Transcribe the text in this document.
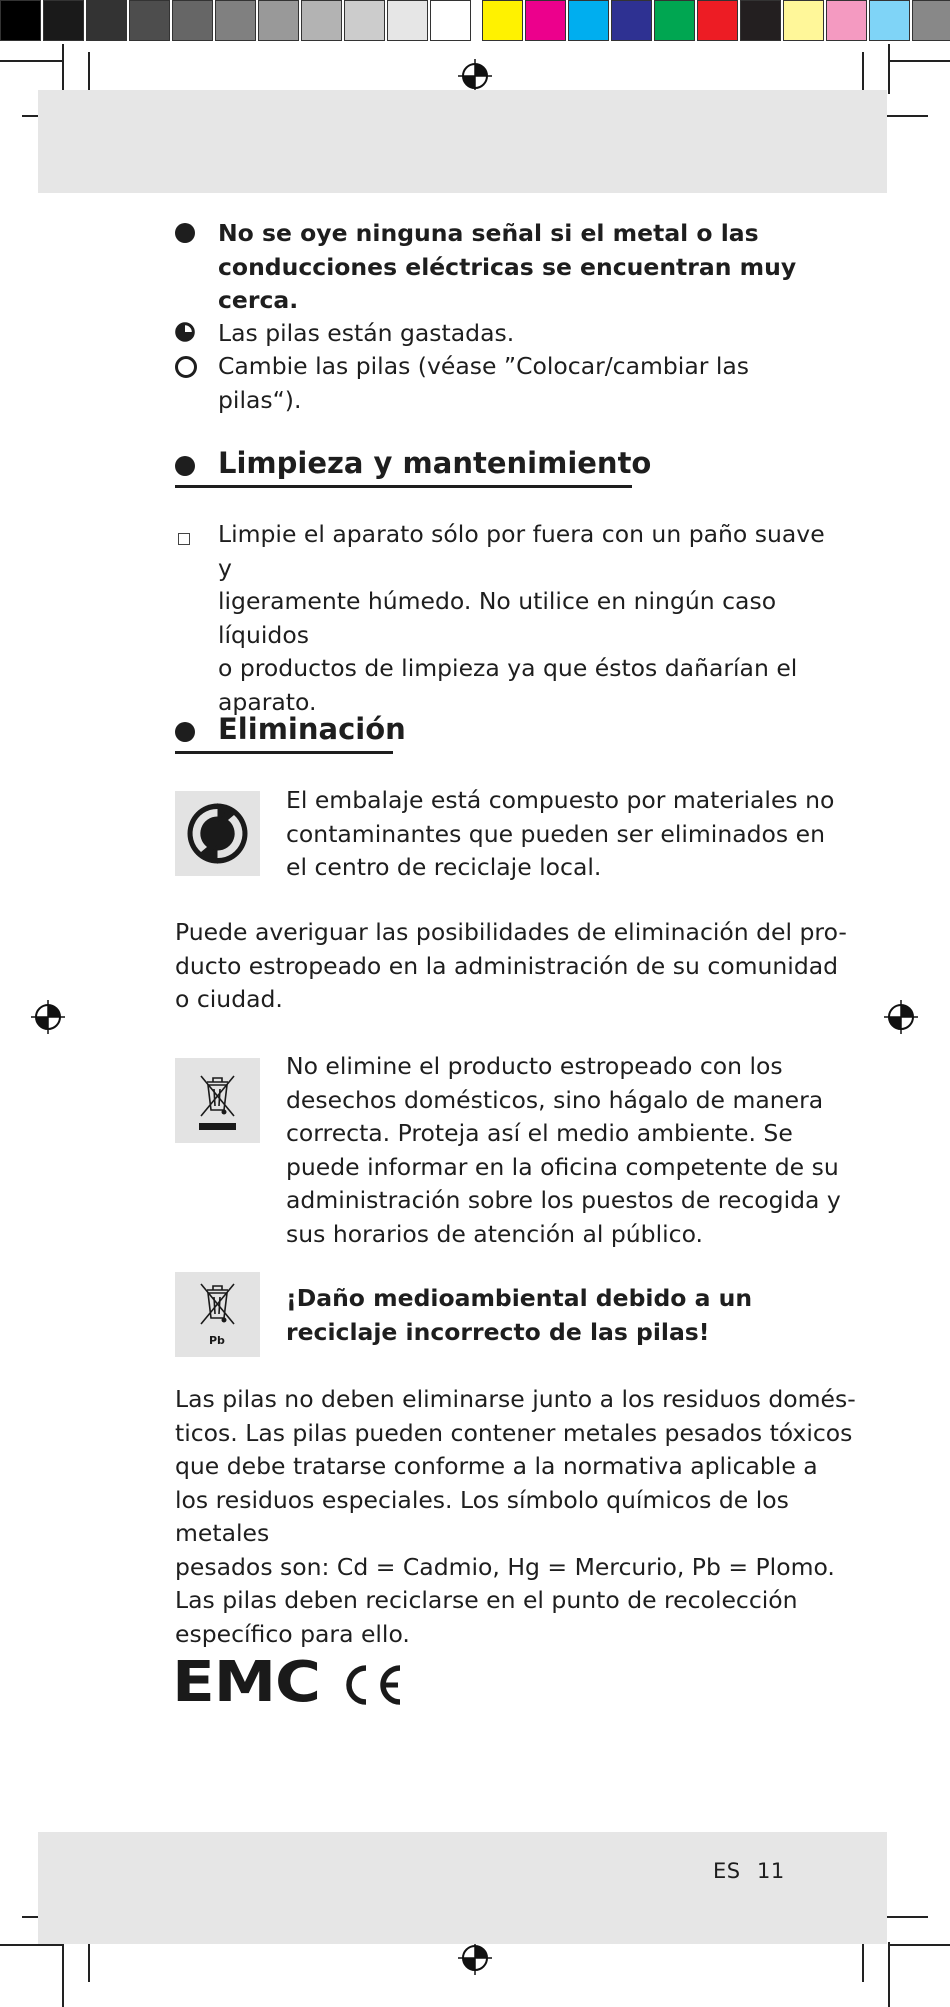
No se oye ninguna señal si el metal o las
conducciones eléctricas se encuentran muy
cerca.
Las pilas están gastadas.
Cambie las pilas (véase ”Colocar/cambiar las pilas“).
Limpieza y mantenimiento
Limpie el aparato sólo por fuera con un paño suave y
ligeramente húmedo. No utilice en ningún caso líquidos
o productos de limpieza ya que éstos dañarían el
aparato.
Eliminación
El embalaje está compuesto por materiales no
contaminantes que pueden ser eliminados en
el centro de reciclaje local.
Puede averiguar las posibilidades de eliminación del pro-
ducto estropeado en la administración de su comunidad
o ciudad.
No elimine el producto estropeado con los
desechos domésticos, sino hágalo de manera
correcta. Proteja así el medio ambiente. Se
puede informar en la oficina competente de su
administración sobre los puestos de recogida y
sus horarios de atención al público.
Pb
¡Daño medioambiental debido a un
reciclaje incorrecto de las pilas!
Las pilas no deben eliminarse junto a los residuos domés-
ticos. Las pilas pueden contener metales pesados tóxicos
que debe tratarse conforme a la normativa aplicable a
los residuos especiales. Los símbolo químicos de los metales
pesados son: Cd = Cadmio, Hg = Mercurio, Pb = Plomo.
Las pilas deben reciclarse en el punto de recolección
específico para ello.
EMC
ES 11
